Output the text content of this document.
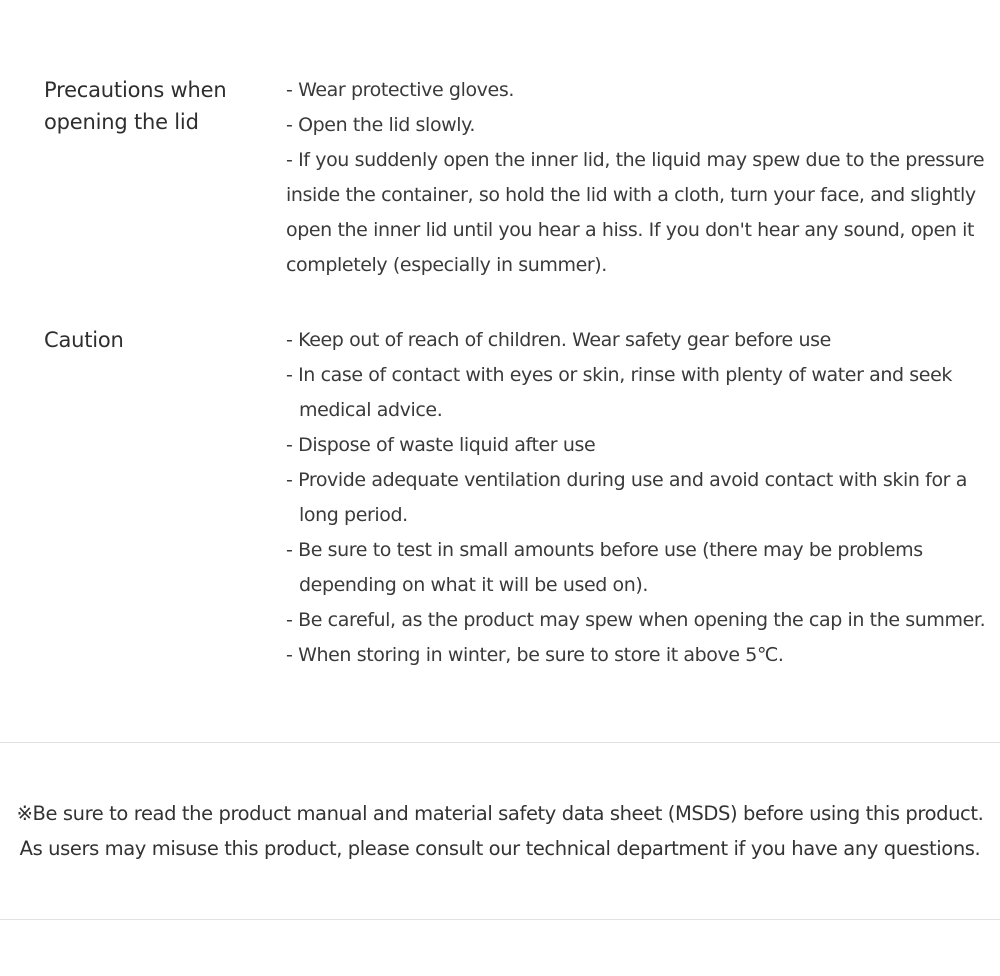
Precautions when
opening the lid
- Wear protective gloves.
- Open the lid slowly.
- If you suddenly open the inner lid, the liquid may spew due to the pressure
inside the container, so hold the lid with a cloth, turn your face, and slightly
open the inner lid until you hear a hiss. If you don't hear any sound, open it
completely (especially in summer).
Caution	- Keep out of reach of children. Wear safety gear before use
- In case of contact with eyes or skin, rinse with plenty of water and seek
medical advice.
- Dispose of waste liquid after use
- Provide adequate ventilation during use and avoid contact with skin for a
long period.
- Be sure to test in small amounts before use (there may be problems
depending on what it will be used on).
- Be careful, as the product may spew when opening the cap in the summer.
- When storing in winter, be sure to store it above 5℃.
※Be sure to read the product manual and material safety data sheet (MSDS) before using this product.
As users may misuse this product, please consult our technical department if you have any questions.
